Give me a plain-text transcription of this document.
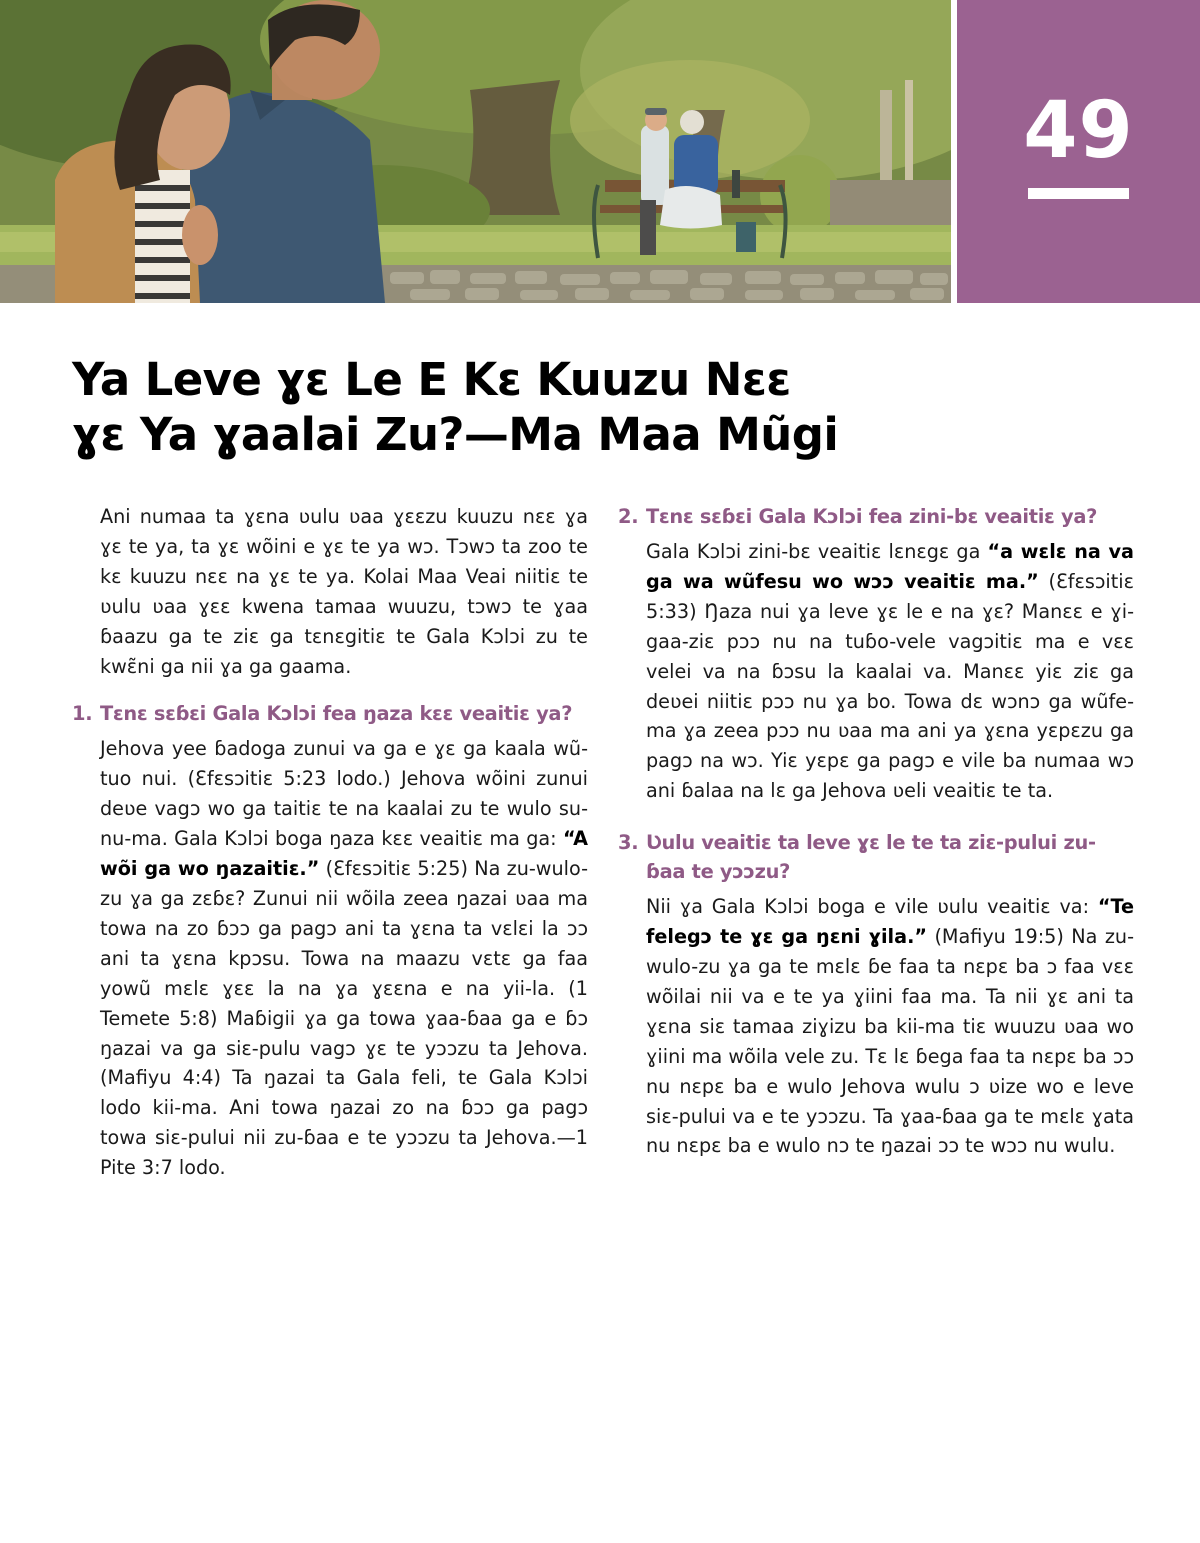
49
Ya Leve ɣɛ Le E Kɛ Kuuzu Nɛɛ
ɣɛ Ya ɣaalai Zu?—Ma Maa Mũgi

Ani numaa ta ɣɛna ʋulu ʋaa ɣɛɛzu kuuzu nɛɛ ɣa ɣɛ te ya, ta ɣɛ wõini e ɣɛ te ya wɔ. Tɔwɔ ta zoo te kɛ kuuzu nɛɛ na ɣɛ te ya. Kolai Maa Veai niitiɛ te ʋulu ʋaa ɣɛɛ kwena tamaa wuuzu, tɔwɔ te ɣaa ɓaazu ga te ziɛ ga tɛnɛgitiɛ te Gala Kɔlɔi zu te kwɛ̃ni ga nii ɣa ga gaama.

1. Tɛnɛ sɛɓɛi Gala Kɔlɔi fea ŋaza kɛɛ veaitiɛ ya?

Jehova yee ɓadoga zunui va ga e ɣɛ ga kaala wũ-tuo nui. (Ɛfɛsɔitiɛ 5:23 lodo.) Jehova wõini zunui deʋe vagɔ wo ga taitiɛ te na kaalai zu te wulo su-nu-ma. Gala Kɔlɔi boga ŋaza kɛɛ veaitiɛ ma ga: “A wõi ga wo ŋazaitiɛ.” (Ɛfɛsɔitiɛ 5:25) Na zu-wulo-zu ɣa ga zɛɓɛ? Zunui nii wõila zeea ŋazai ʋaa ma towa na zo ɓɔɔ ga pagɔ ani ta ɣɛna ta vɛlɛi la ɔɔ ani ta ɣɛna kpɔsu. Towa na maazu vɛtɛ ga faa yowũ mɛlɛ ɣɛɛ la na ɣa ɣɛɛna e na yii-la. (1 Temete 5:8) Maɓigii ɣa ga towa ɣaa-ɓaa ga e ɓɔ ŋazai va ga siɛ-pulu vagɔ ɣɛ te yɔɔzu ta Jehova. (Mafiyu 4:4) Ta ŋazai ta Gala feli, te Gala Kɔlɔi lodo kii-ma. Ani towa ŋazai zo na ɓɔɔ ga pagɔ towa siɛ-pului nii zu-ɓaa e te yɔɔzu ta Jehova.—1 Pite 3:7 lodo.

2. Tɛnɛ sɛɓɛi Gala Kɔlɔi fea zini-bɛ veaitiɛ ya?

Gala Kɔlɔi zini-bɛ veaitiɛ lɛnɛgɛ ga “a wɛlɛ na va ga wa wũfesu wo wɔɔ veaitiɛ ma.” (Ɛfɛsɔitiɛ 5:33) Ŋaza nui ɣa leve ɣɛ le e na ɣɛ? Manɛɛ e ɣi-gaa-ziɛ pɔɔ nu na tuɓo-vele vagɔitiɛ ma e vɛɛ velei va na ɓɔsu la kaalai va. Manɛɛ yiɛ ziɛ ga deʋei niitiɛ pɔɔ nu ɣa bo. Towa dɛ wɔnɔ ga wũfe-ma ɣa zeea pɔɔ nu ʋaa ma ani ya ɣɛna yɛpɛzu ga pagɔ na wɔ. Yiɛ yɛpɛ ga pagɔ e vile ba numaa wɔ ani ɓalaa na lɛ ga Jehova ʋeli veaitiɛ te ta.

3. Ʋulu veaitiɛ ta leve ɣɛ le te ta ziɛ-pului zu-ɓaa te yɔɔzu?

Nii ɣa Gala Kɔlɔi boga e vile ʋulu veaitiɛ va: “Te felegɔ te ɣɛ ga ŋɛni ɣila.” (Mafiyu 19:5) Na zu-wulo-zu ɣa ga te mɛlɛ ɓe faa ta nɛpɛ ba ɔ faa vɛɛ wõilai nii va e te ya ɣiini faa ma. Ta nii ɣɛ ani ta ɣɛna siɛ tamaa ziɣizu ba kii-ma tiɛ wuuzu ʋaa wo ɣiini ma wõila vele zu. Tɛ lɛ ɓega faa ta nɛpɛ ba ɔɔ nu nɛpɛ ba e wulo Jehova wulu ɔ ʋize wo e leve siɛ-pului va e te yɔɔzu. Ta ɣaa-ɓaa ga te mɛlɛ ɣata nu nɛpɛ ba e wulo nɔ te ŋazai ɔɔ te wɔɔ nu wulu.
